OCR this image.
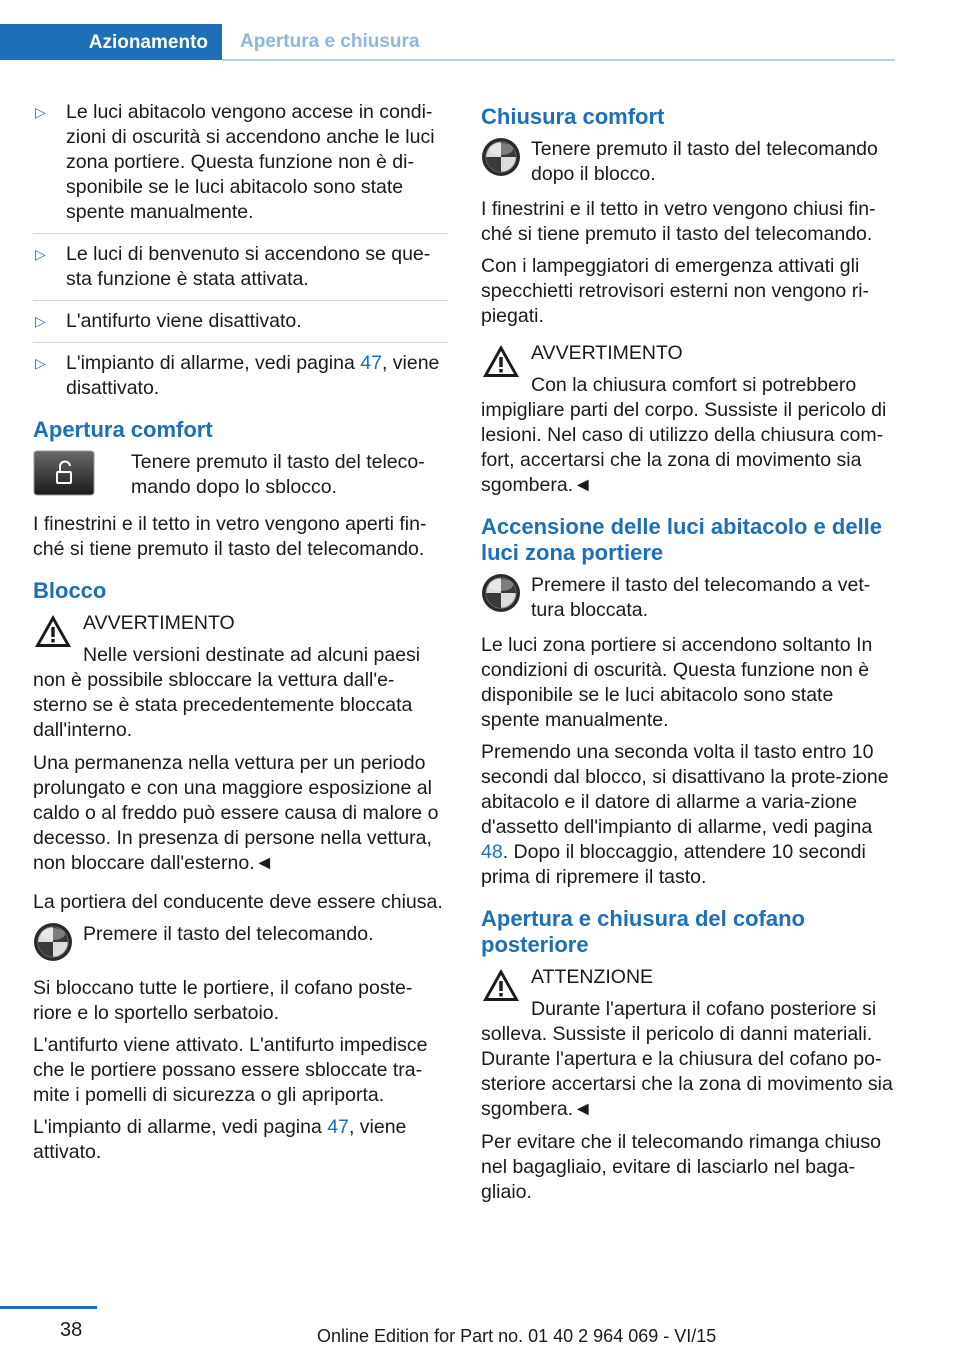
Azionamento	Apertura e chiusura
▷ Le luci abitacolo vengono accese in condi‐zioni di oscurità si accendono anche le luci zona portiere. Questa funzione non è di‐sponibile se le luci abitacolo sono state spente manualmente.
▷ Le luci di benvenuto si accendono se que‐sta funzione è stata attivata.
▷ L'antifurto viene disattivato.
▷ L'impianto di allarme, vedi pagina 47, viene disattivato.
Apertura comfort
Tenere premuto il tasto del teleco‐mando dopo lo sblocco.

I finestrini e il tetto in vetro vengono aperti fin‐ché si tiene premuto il tasto del telecomando.

Blocco
AVVERTIMENTO
Nelle versioni destinate ad alcuni paesi non è possibile sbloccare la vettura dall'e‐sterno se è stata precedentemente bloccata dall'interno.

Una permanenza nella vettura per un periodo prolungato e con una maggiore esposizione al caldo o al freddo può essere causa di malore o decesso. In presenza di persone nella vettura, non bloccare dall'esterno.◄

La portiera del conducente deve essere chiusa.

Premere il tasto del telecomando.

Si bloccano tutte le portiere, il cofano poste‐riore e lo sportello serbatoio.

L'antifurto viene attivato. L'antifurto impedisce che le portiere possano essere sbloccate tra‐mite i pomelli di sicurezza o gli apriporta.

L'impianto di allarme, vedi pagina 47, viene attivato.

Chiusura comfort
Tenere premuto il tasto del telecomando dopo il blocco.

I finestrini e il tetto in vetro vengono chiusi fin‐ché si tiene premuto il tasto del telecomando.

Con i lampeggiatori di emergenza attivati gli specchietti retrovisori esterni non vengono ri‐piegati.

AVVERTIMENTO
Con la chiusura comfort si potrebbero impigliare parti del corpo. Sussiste il pericolo di lesioni. Nel caso di utilizzo della chiusura com‐fort, accertarsi che la zona di movimento sia sgombera.◄
Accensione delle luci abitacolo e delle luci zona portiere
Premere il tasto del telecomando a vet‐tura bloccata.

Le luci zona portiere si accendono soltanto In condizioni di oscurità. Questa funzione non è disponibile se le luci abitacolo sono state spente manualmente.

Premendo una seconda volta il tasto entro 10 secondi dal blocco, si disattivano la prote‐zione abitacolo e il datore di allarme a varia‐zione d'assetto dell'impianto di allarme, vedi pagina 48. Dopo il bloccaggio, attendere 10 secondi prima di ripremere il tasto.

Apertura e chiusura del cofano posteriore
ATTENZIONE
Durante l'apertura il cofano posteriore si solleva. Sussiste il pericolo di danni materiali. Durante l'apertura e la chiusura del cofano po‐steriore accertarsi che la zona di movimento sia sgombera.◄

Per evitare che il telecomando rimanga chiuso nel bagagliaio, evitare di lasciarlo nel baga‐gliaio.

38	Online Edition for Part no. 01 40 2 964 069 - VI/15
